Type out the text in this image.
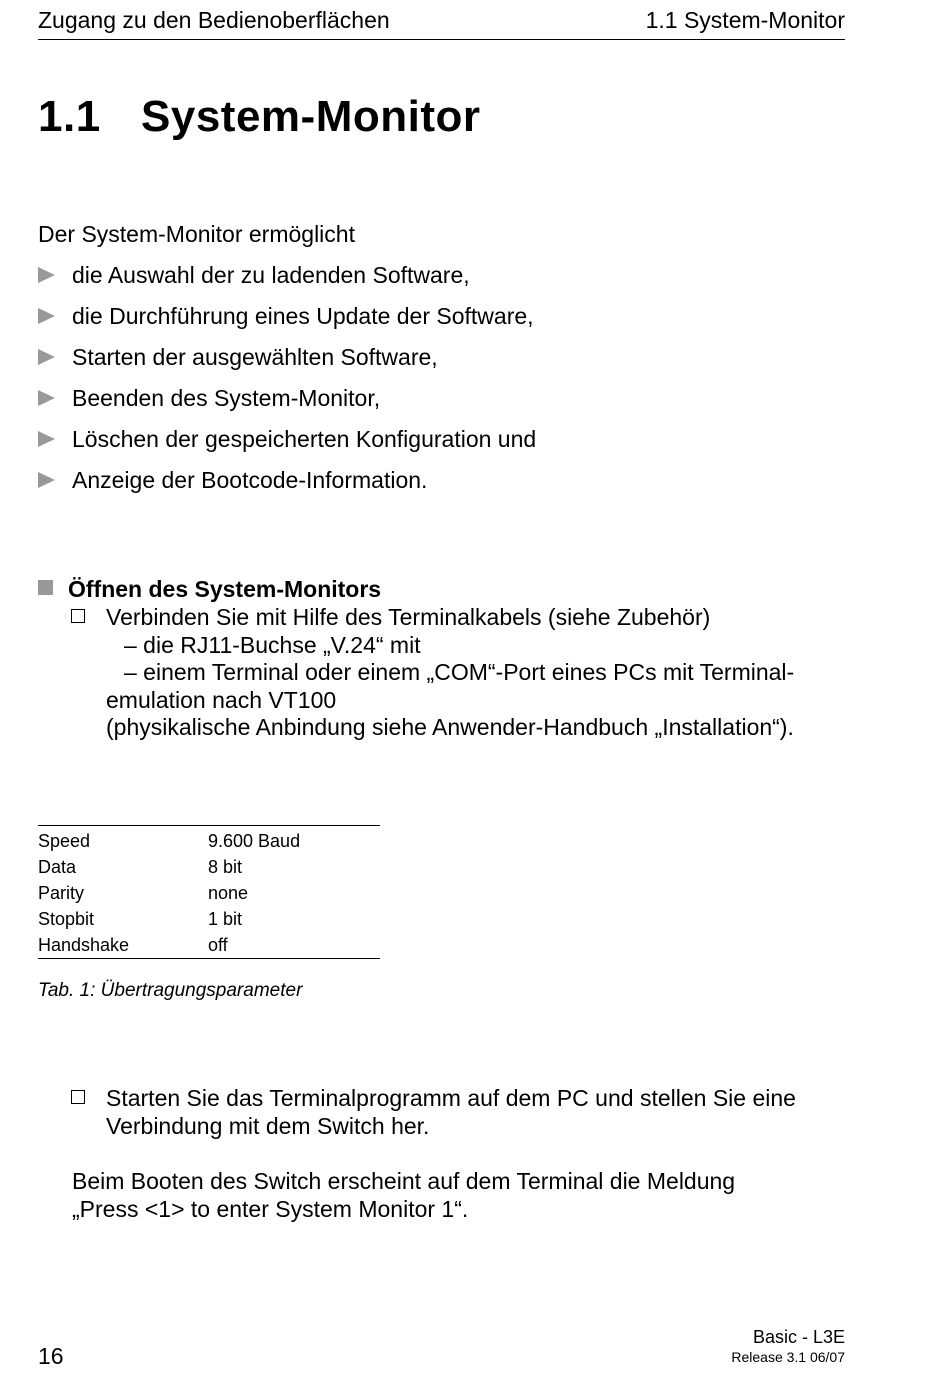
Zugang zu den Bedienoberflächen	1.1 System-Monitor
1.1 System-Monitor
Der System-Monitor ermöglicht
die Auswahl der zu ladenden Software,
die Durchführung eines Update der Software,
Starten der ausgewählten Software,
Beenden des System-Monitor,
Löschen der gespeicherten Konfiguration und
Anzeige der Bootcode-Information.
Öffnen des System-Monitors
Verbinden Sie mit Hilfe des Terminalkabels (siehe Zubehör)
– die RJ11-Buchse „V.24“ mit
– einem Terminal oder einem „COM“-Port eines PCs mit Terminal-
emulation nach VT100
(physikalische Anbindung siehe Anwender-Handbuch „Installation“).
Speed	9.600 Baud
Data	8 bit
Parity	none
Stopbit	1 bit
Handshake	off
Tab. 1: Übertragungsparameter
Starten Sie das Terminalprogramm auf dem PC und stellen Sie eine
Verbindung mit dem Switch her.
Beim Booten des Switch erscheint auf dem Terminal die Meldung
„Press <1> to enter System Monitor 1“.
16
Basic - L3E
Release 3.1 06/07
